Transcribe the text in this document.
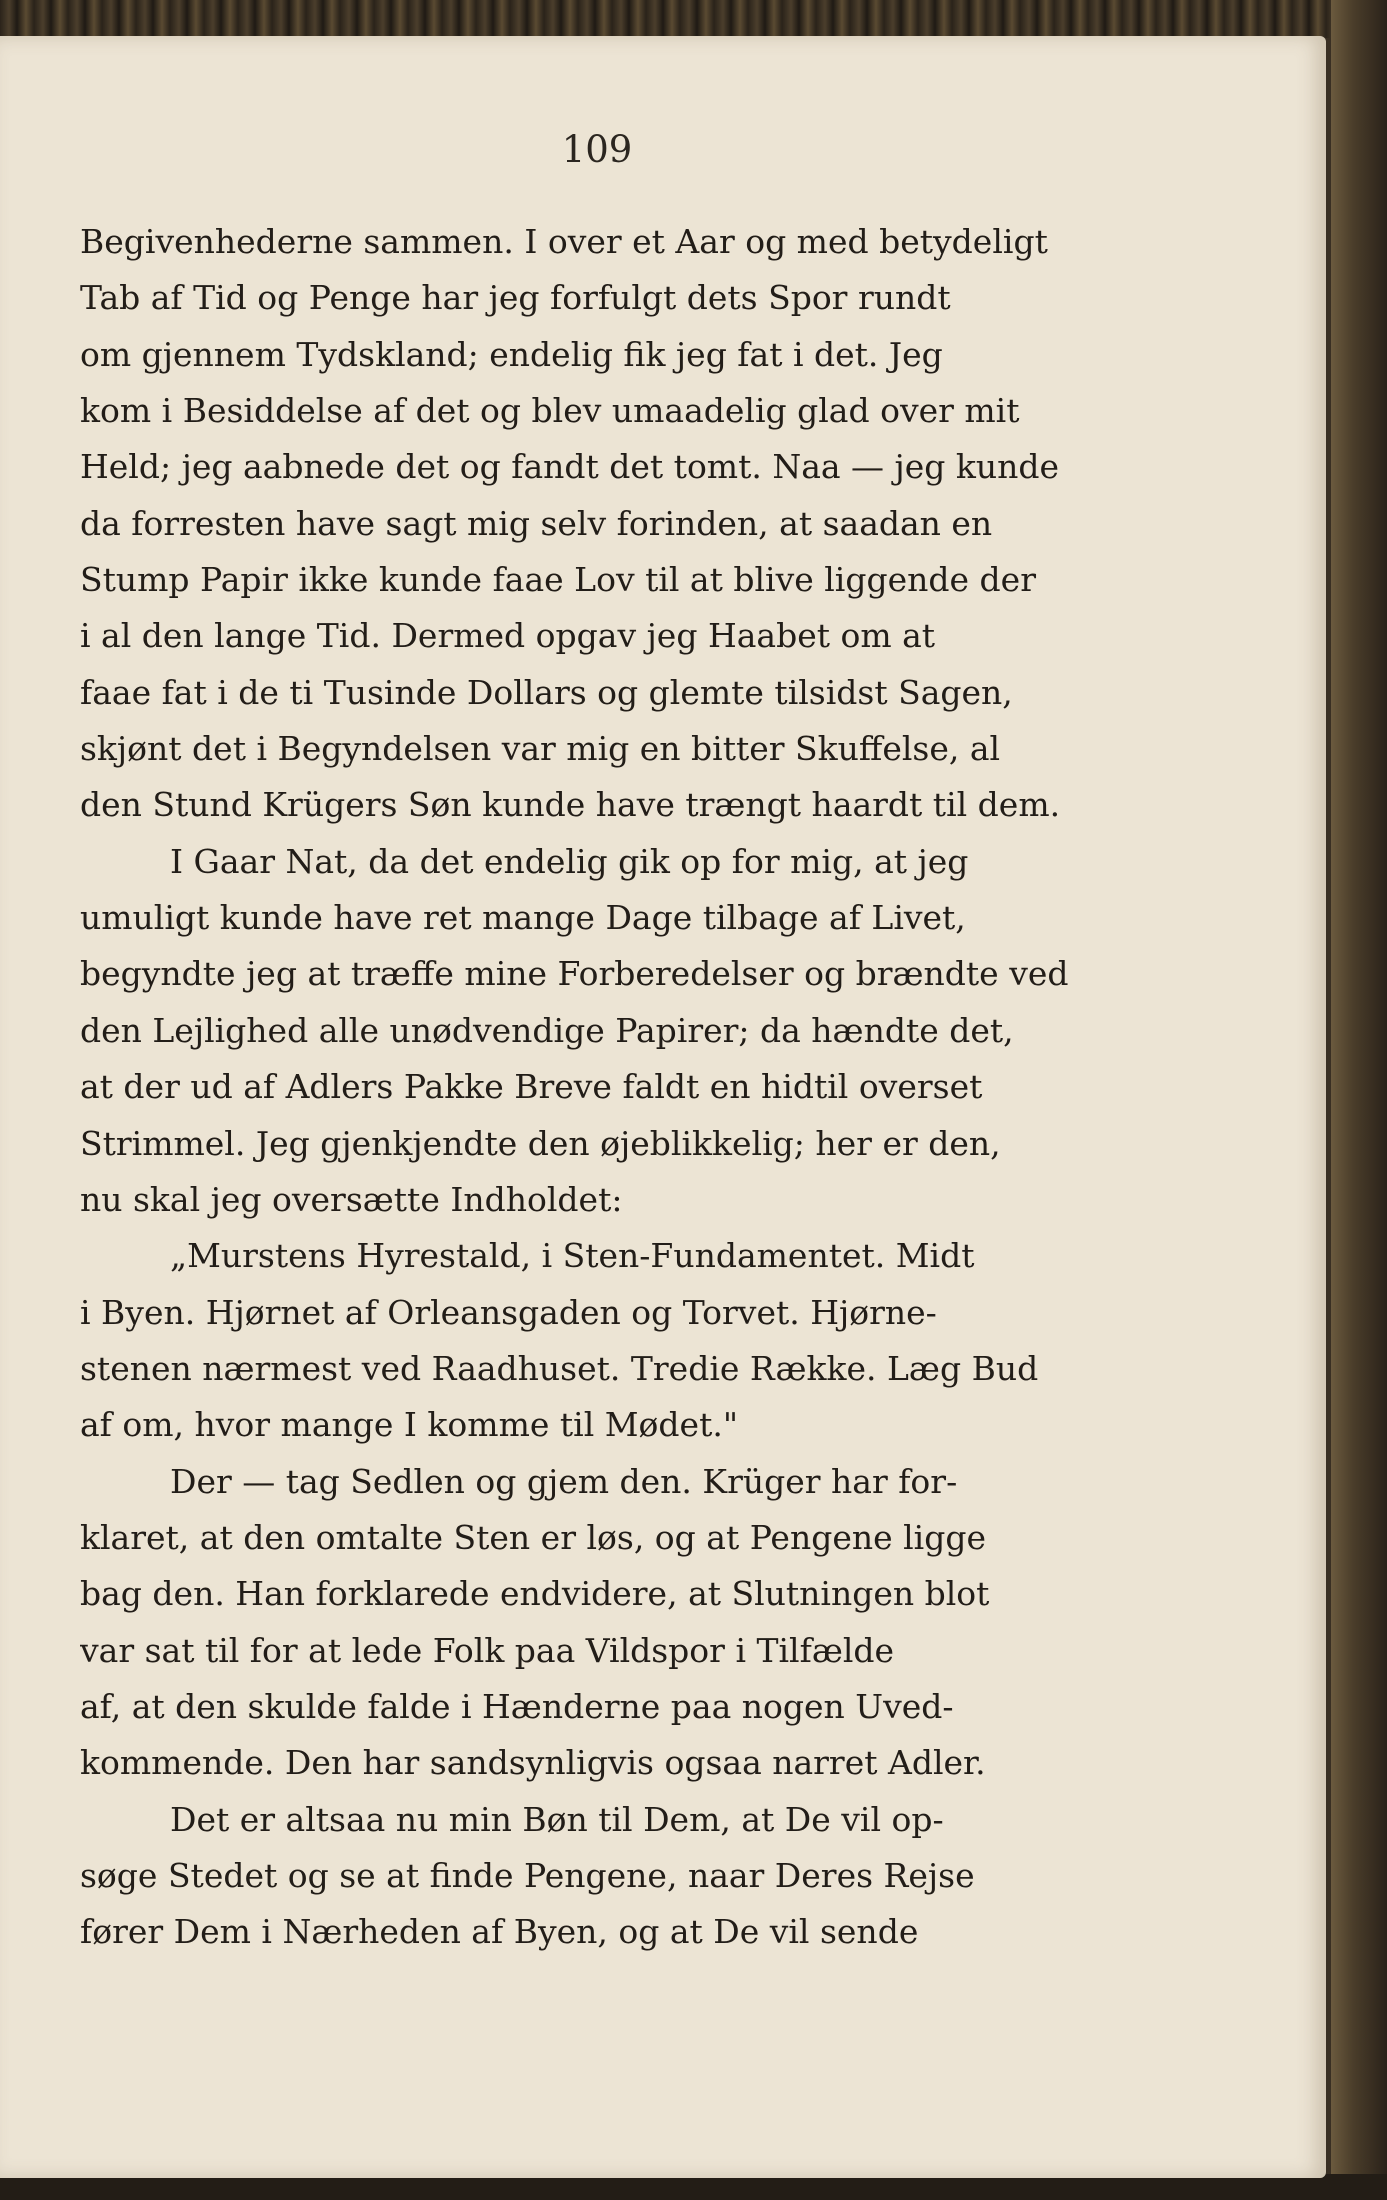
109
Begivenhederne sammen. I over et Aar og med betydeligt
Tab af Tid og Penge har jeg forfulgt dets Spor rundt
om gjennem Tydskland; endelig fik jeg fat i det. Jeg
kom i Besiddelse af det og blev umaadelig glad over mit
Held; jeg aabnede det og fandt det tomt. Naa — jeg kunde
da forresten have sagt mig selv forinden, at saadan en
Stump Papir ikke kunde faae Lov til at blive liggende der
i al den lange Tid. Dermed opgav jeg Haabet om at
faae fat i de ti Tusinde Dollars og glemte tilsidst Sagen,
skjønt det i Begyndelsen var mig en bitter Skuffelse, al
den Stund Krügers Søn kunde have trængt haardt til dem.
I Gaar Nat, da det endelig gik op for mig, at jeg
umuligt kunde have ret mange Dage tilbage af Livet,
begyndte jeg at træffe mine Forberedelser og brændte ved
den Lejlighed alle unødvendige Papirer; da hændte det,
at der ud af Adlers Pakke Breve faldt en hidtil overset
Strimmel. Jeg gjenkjendte den øjeblikkelig; her er den,
nu skal jeg oversætte Indholdet:
„Murstens Hyrestald, i Sten-Fundamentet. Midt
i Byen. Hjørnet af Orleansgaden og Torvet. Hjørne-
stenen nærmest ved Raadhuset. Tredie Række. Læg Bud
af om, hvor mange I komme til Mødet."
Der — tag Sedlen og gjem den. Krüger har for-
klaret, at den omtalte Sten er løs, og at Pengene ligge
bag den. Han forklarede endvidere, at Slutningen blot
var sat til for at lede Folk paa Vildspor i Tilfælde
af, at den skulde falde i Hænderne paa nogen Uved-
kommende. Den har sandsynligvis ogsaa narret Adler.
Det er altsaa nu min Bøn til Dem, at De vil op-
søge Stedet og se at finde Pengene, naar Deres Rejse
fører Dem i Nærheden af Byen, og at De vil sende
